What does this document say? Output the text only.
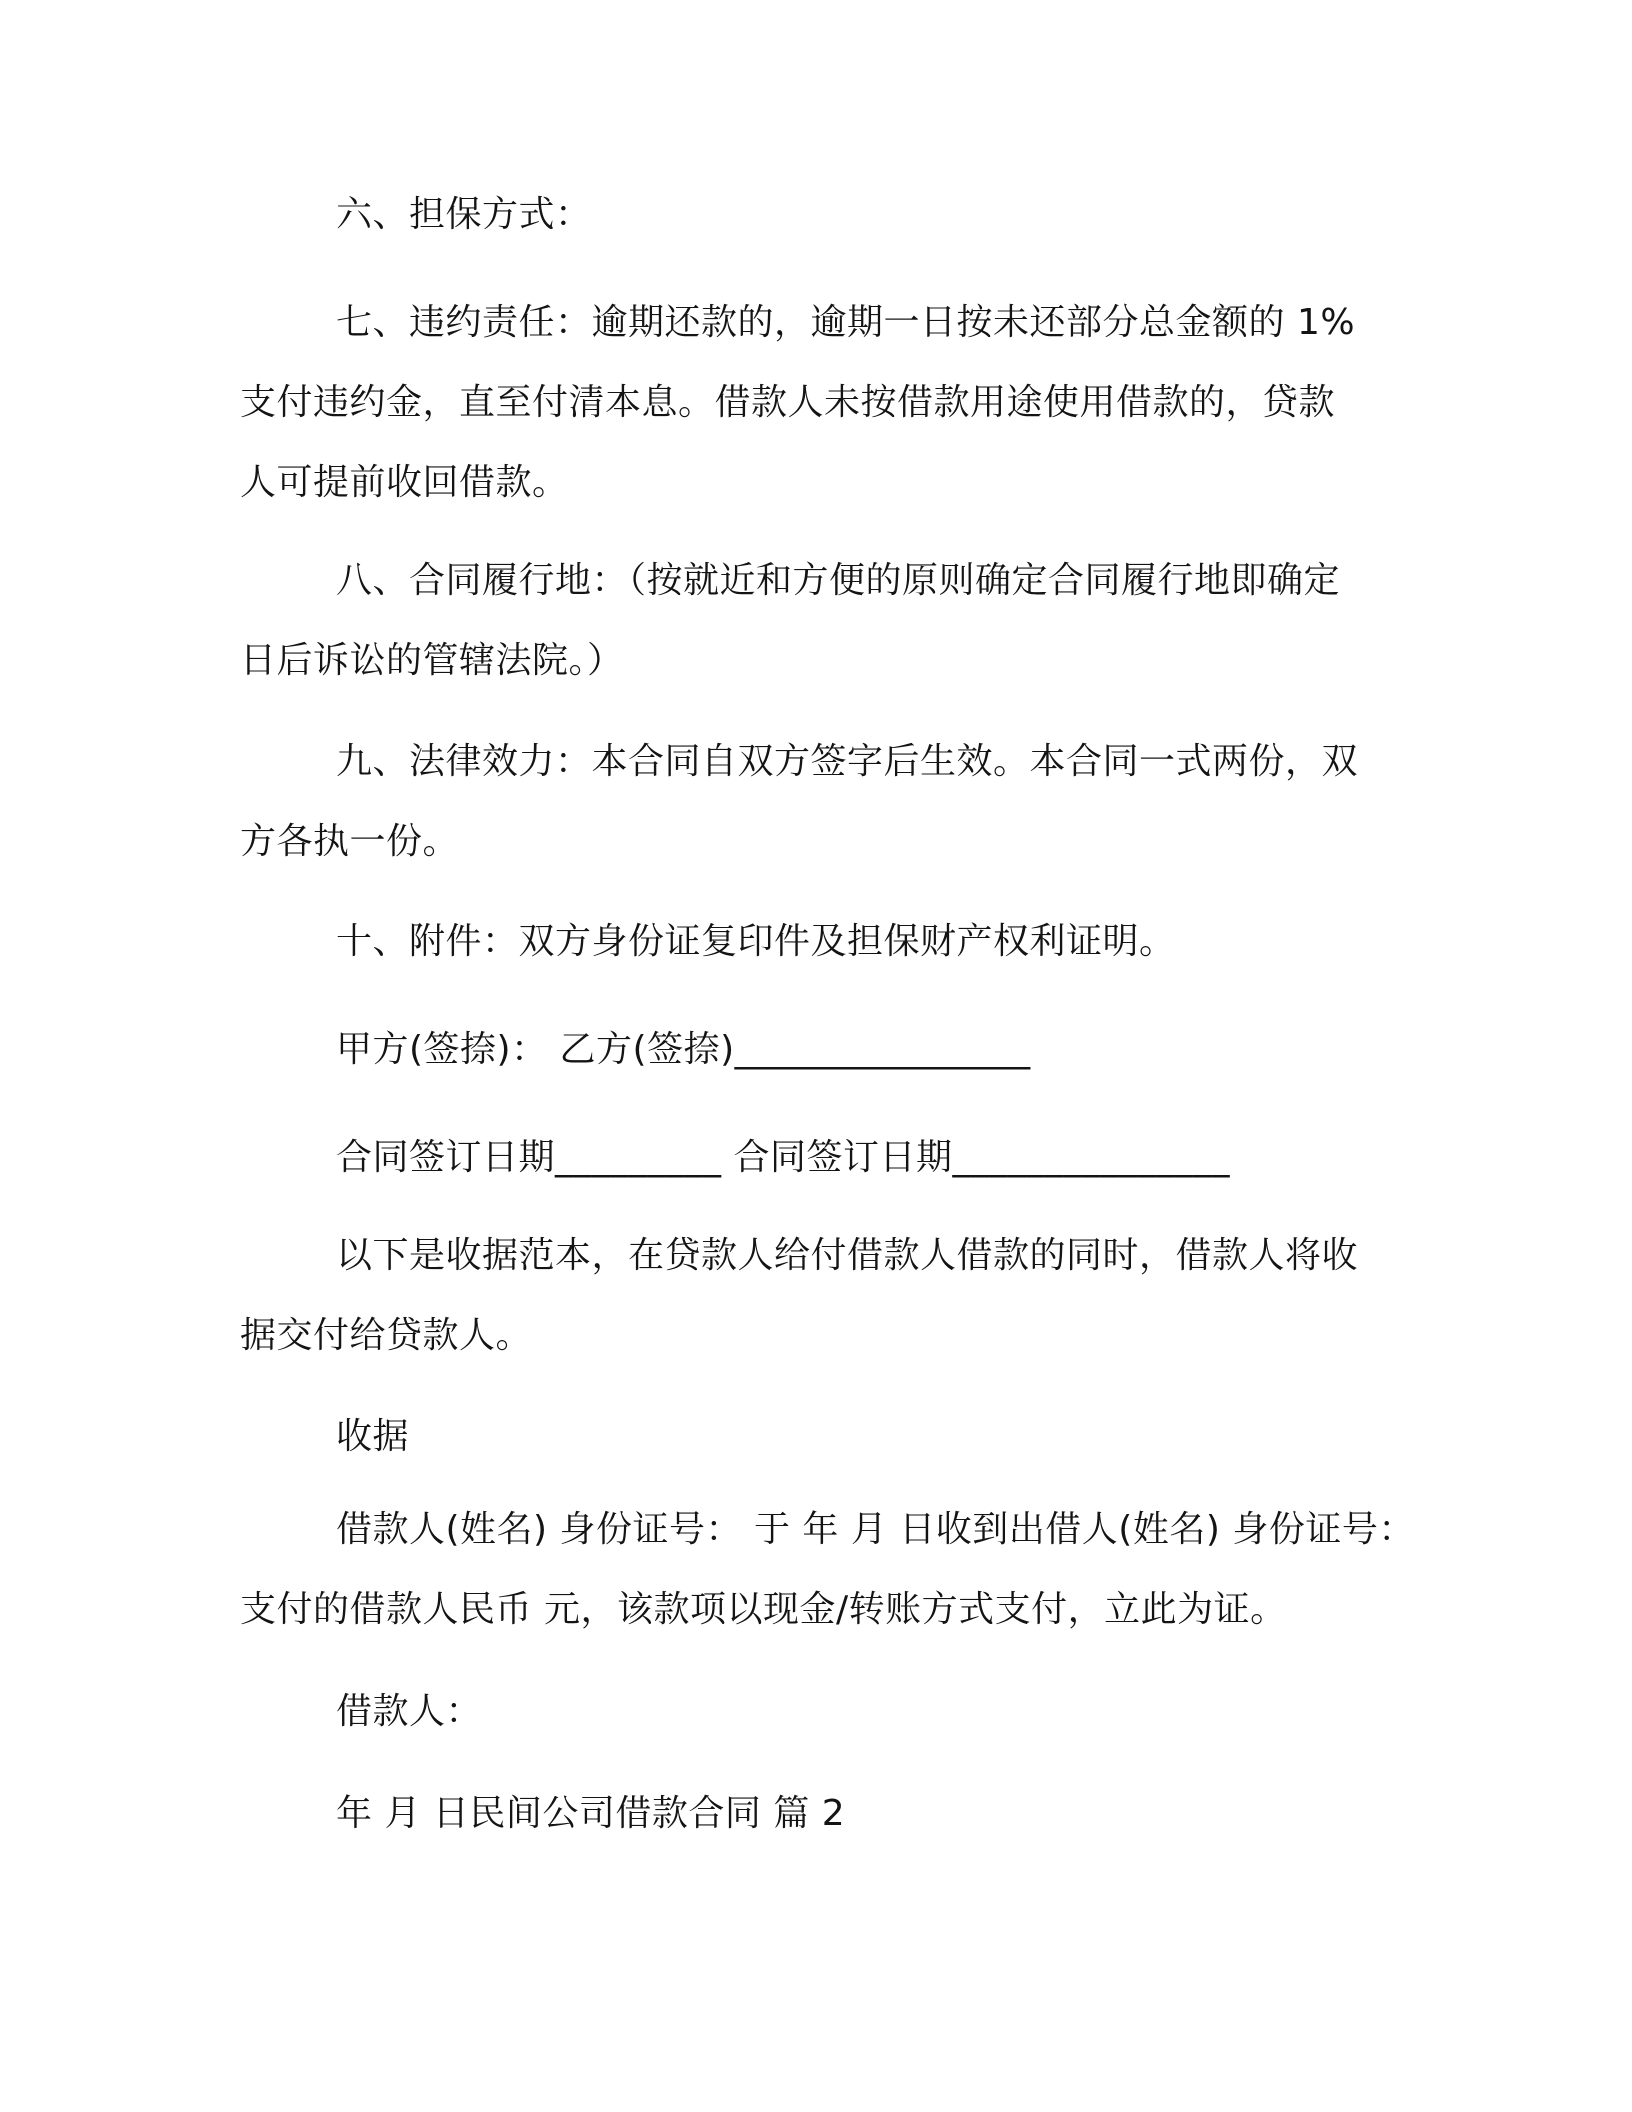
六、担保方式：

七、违约责任：逾期还款的，逾期一日按未还部分总金额的 1%
支付违约金，直至付清本息。借款人未按借款用途使用借款的，贷款
人可提前收回借款。

八、合同履行地：（按就近和方便的原则确定合同履行地即确定
日后诉讼的管辖法院。）

九、法律效力：本合同自双方签字后生效。本合同一式两份，双
方各执一份。

十、附件：双方身份证复印件及担保财产权利证明。

甲方(签捺)： 乙方(签捺)________________

合同签订日期_________ 合同签订日期_______________

以下是收据范本，在贷款人给付借款人借款的同时，借款人将收
据交付给贷款人。

收据

借款人(姓名) 身份证号： 于 年 月 日收到出借人(姓名) 身份证号：
支付的借款人民币 元，该款项以现金/转账方式支付，立此为证。

借款人：

年 月 日民间公司借款合同 篇 2
